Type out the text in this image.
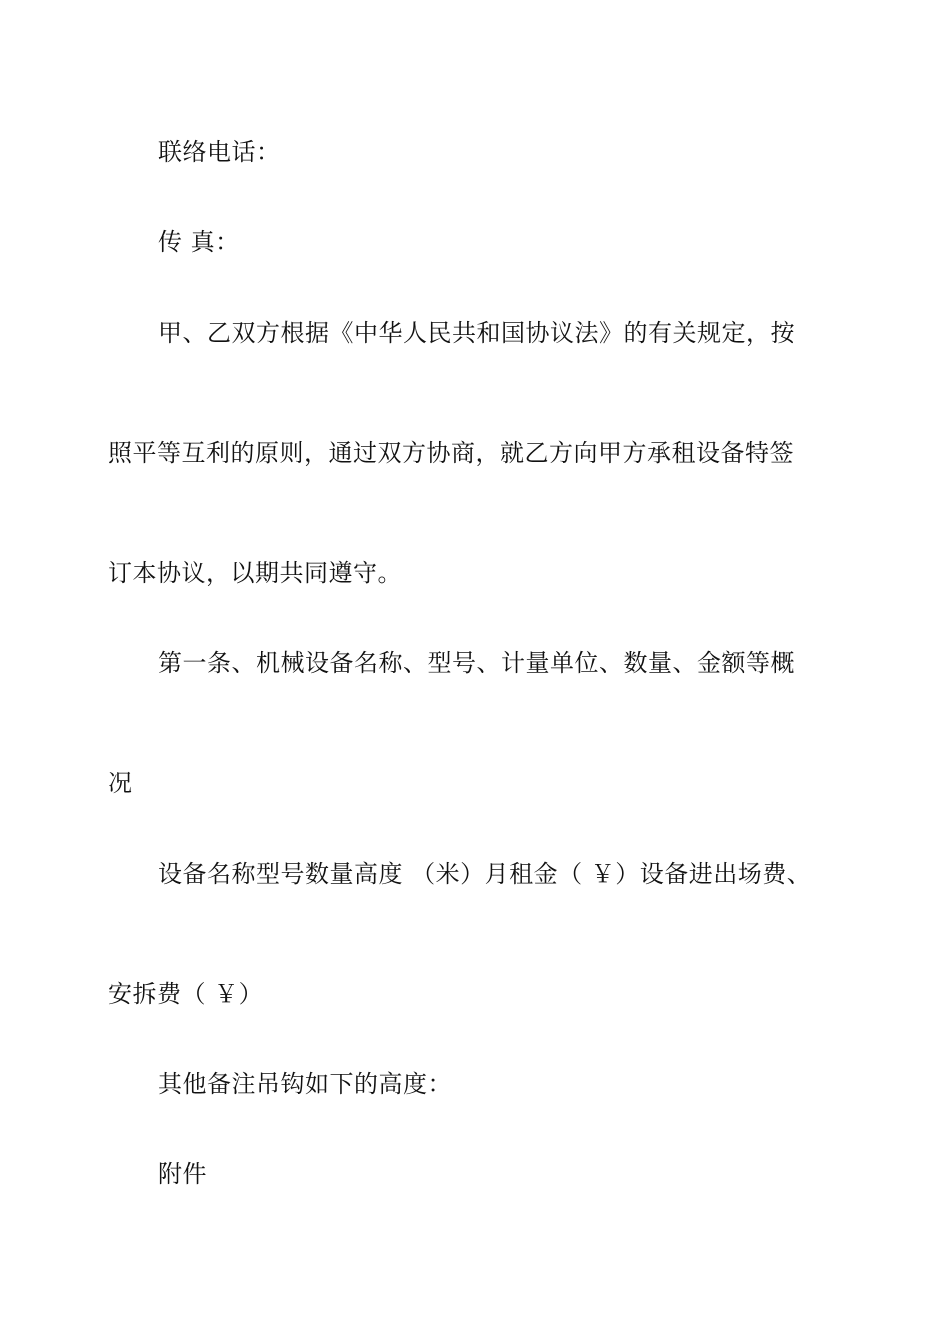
联络电话：
传 真：
甲、乙双方根据《中华人民共和国协议法》的有关规定，按
照平等互利的原则，通过双方协商，就乙方向甲方承租设备特签
订本协议，以期共同遵守。
第一条、机械设备名称、型号、计量单位、数量、金额等概
况
设备名称型号数量高度 （米）月租金（ ￥）设备进出场费、
安拆费（ ￥）
其他备注吊钩如下的高度：
附件
